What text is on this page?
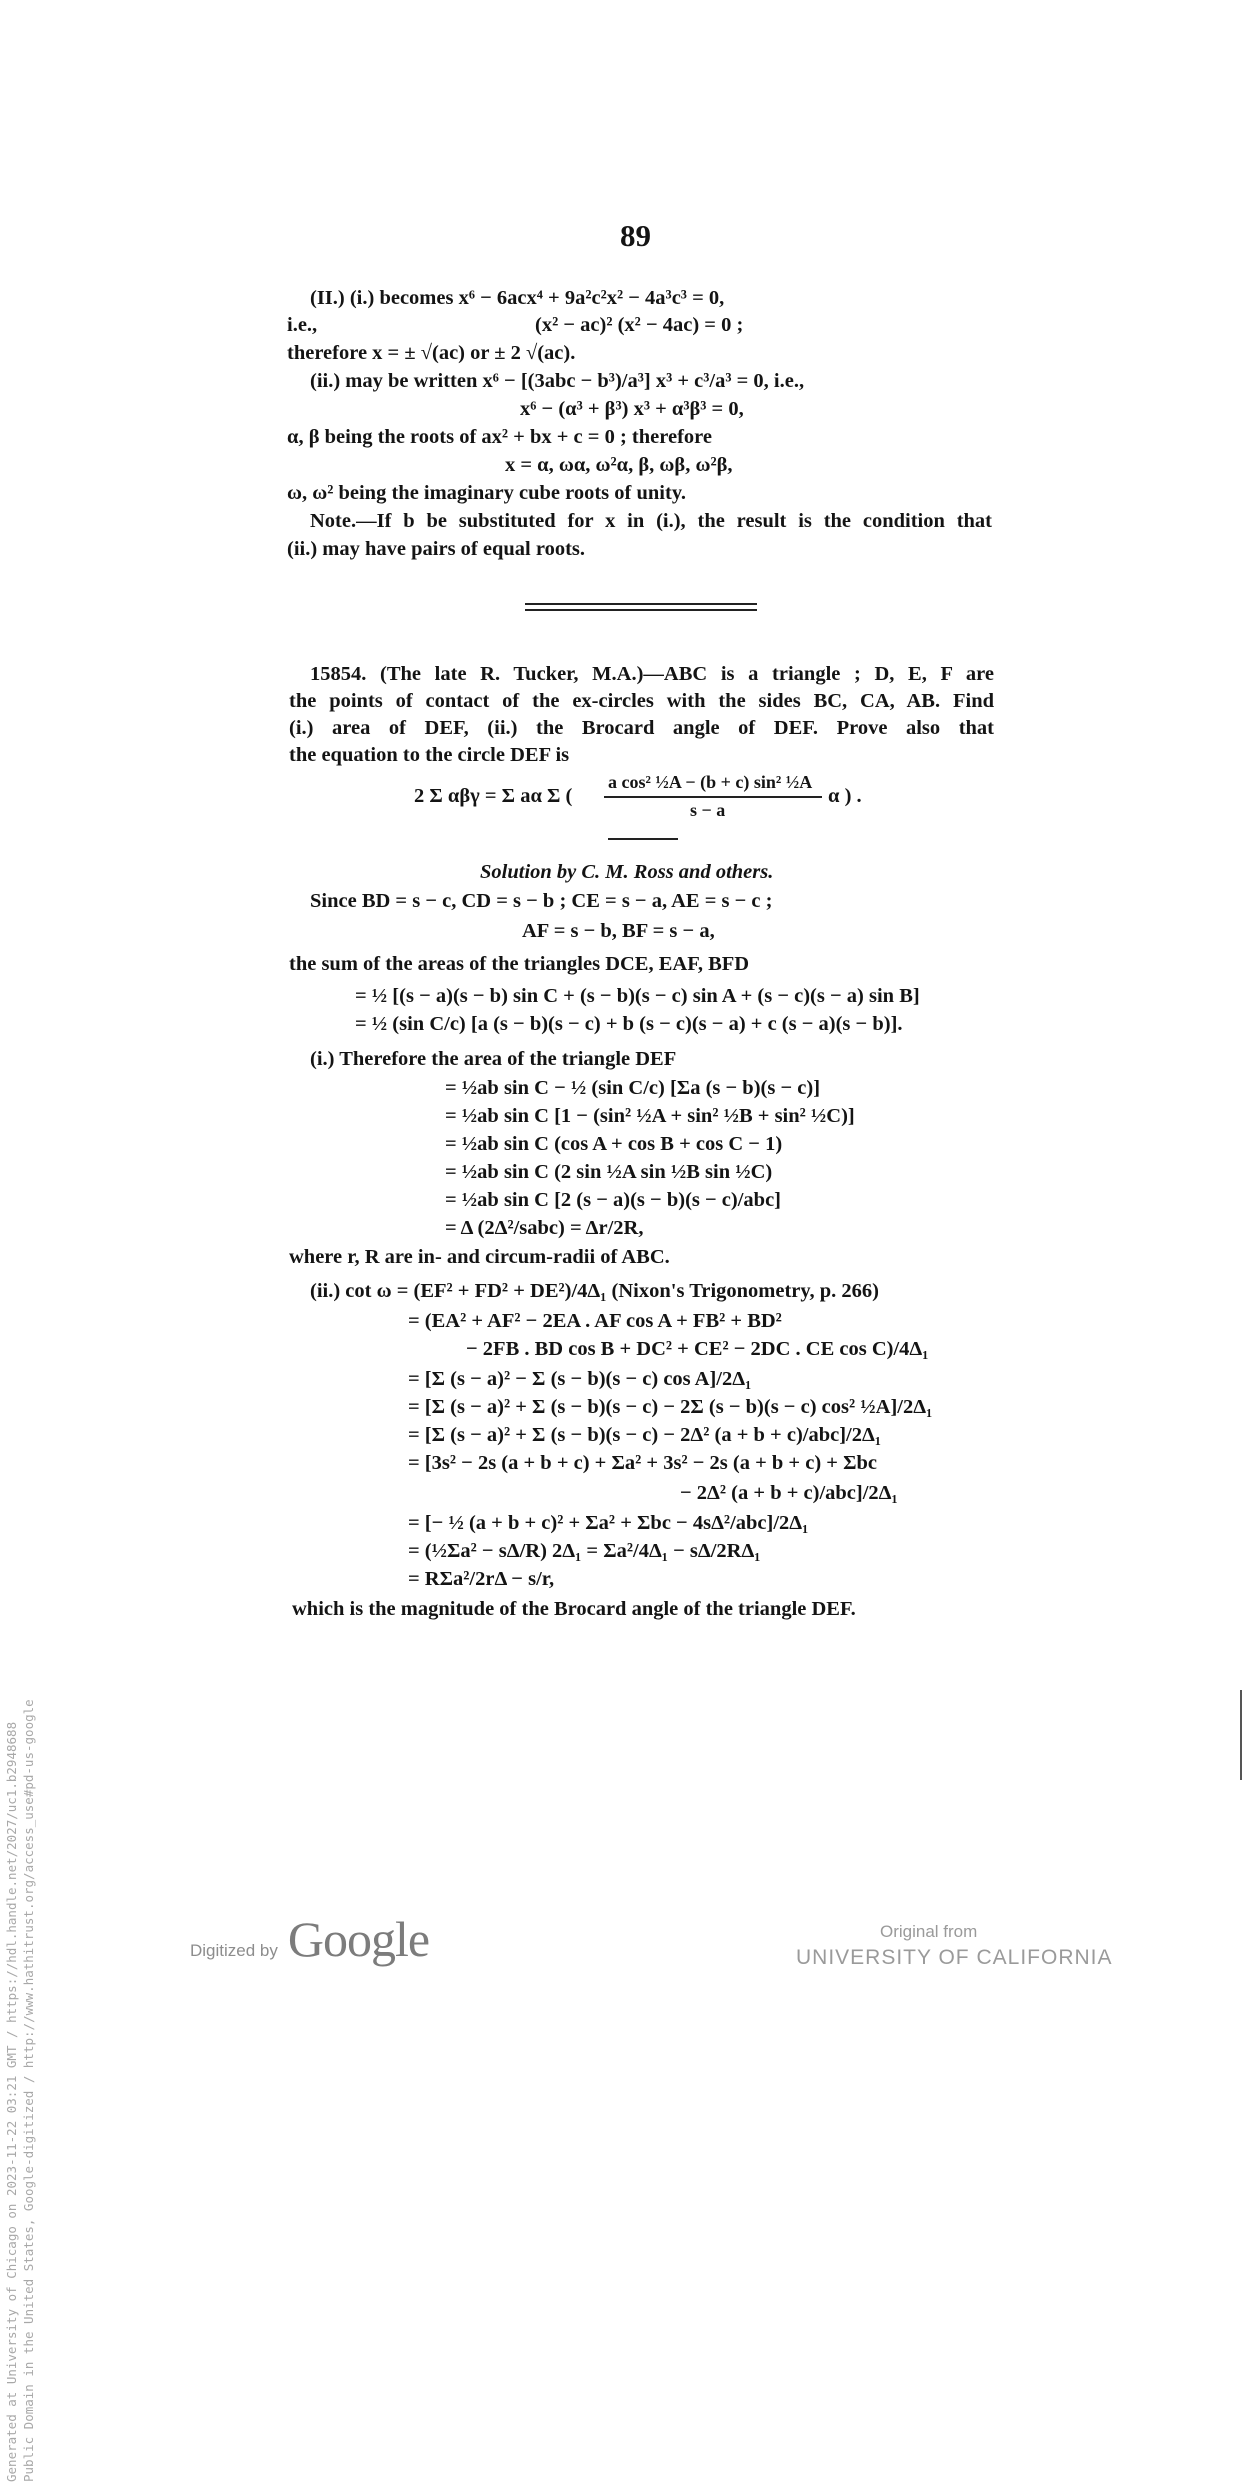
Generated at University of Chicago on 2023-11-22 03:21 GMT / https://hdl.handle.net/2027/uc1.b2948688 Public Domain in the United States, Google-digitized / http://www.hathitrust.org/access_use#pd-us-google
89
(II.) (i.) becomes x⁶ − 6acx⁴ + 9a²c²x² − 4a³c³ = 0,
i.e.,	(x² − ac)² (x² − 4ac) = 0 ;
therefore x = ± √(ac) or ± 2 √(ac).
(ii.) may be written x⁶ − [(3abc − b³)/a³] x³ + c³/a³ = 0, i.e.,
x⁶ − (α³ + β³) x³ + α³β³ = 0,
α, β being the roots of ax² + bx + c = 0 ; therefore
x = α, ωα, ω²α, β, ωβ, ω²β,
ω, ω² being the imaginary cube roots of unity.
Note.—If b be substituted for x in (i.), the result is the condition that
(ii.) may have pairs of equal roots.
15854. (The late R. Tucker, M.A.)—ABC is a triangle ; D, E, F are
the points of contact of the ex-circles with the sides BC, CA, AB. Find
(i.) area of DEF, (ii.) the Brocard angle of DEF. Prove also that
the equation to the circle DEF is
2 Σ αβγ = Σ aα Σ (
a cos² ½A − (b + c) sin² ½A
s − a
α ) .
Solution by C. M. Ross and others.
Since BD = s − c, CD = s − b ; CE = s − a, AE = s − c ;
AF = s − b, BF = s − a,
the sum of the areas of the triangles DCE, EAF, BFD
= ½ [(s − a)(s − b) sin C + (s − b)(s − c) sin A + (s − c)(s − a) sin B]
= ½ (sin C/c) [a (s − b)(s − c) + b (s − c)(s − a) + c (s − a)(s − b)].
(i.) Therefore the area of the triangle DEF
= ½ab sin C − ½ (sin C/c) [Σa (s − b)(s − c)]
= ½ab sin C [1 − (sin² ½A + sin² ½B + sin² ½C)]
= ½ab sin C (cos A + cos B + cos C − 1)
= ½ab sin C (2 sin ½A sin ½B sin ½C)
= ½ab sin C [2 (s − a)(s − b)(s − c)/abc]
= Δ (2Δ²/sabc) = Δr/2R,
where r, R are in- and circum-radii of ABC.
(ii.) cot ω = (EF² + FD² + DE²)/4Δ₁ (Nixon's Trigonometry, p. 266)
= (EA² + AF² − 2EA . AF cos A + FB² + BD²
− 2FB . BD cos B + DC² + CE² − 2DC . CE cos C)/4Δ₁
= [Σ (s − a)² − Σ (s − b)(s − c) cos A]/2Δ₁
= [Σ (s − a)² + Σ (s − b)(s − c) − 2Σ (s − b)(s − c) cos² ½A]/2Δ₁
= [Σ (s − a)² + Σ (s − b)(s − c) − 2Δ² (a + b + c)/abc]/2Δ₁
= [3s² − 2s (a + b + c) + Σa² + 3s² − 2s (a + b + c) + Σbc
− 2Δ² (a + b + c)/abc]/2Δ₁
= [− ½ (a + b + c)² + Σa² + Σbc − 4sΔ²/abc]/2Δ₁
= (½Σa² − sΔ/R) 2Δ₁ = Σa²/4Δ₁ − sΔ/2RΔ₁
= RΣa²/2rΔ − s/r,
which is the magnitude of the Brocard angle of the triangle DEF.
Digitized by Google	Original from
UNIVERSITY OF CALIFORNIA
